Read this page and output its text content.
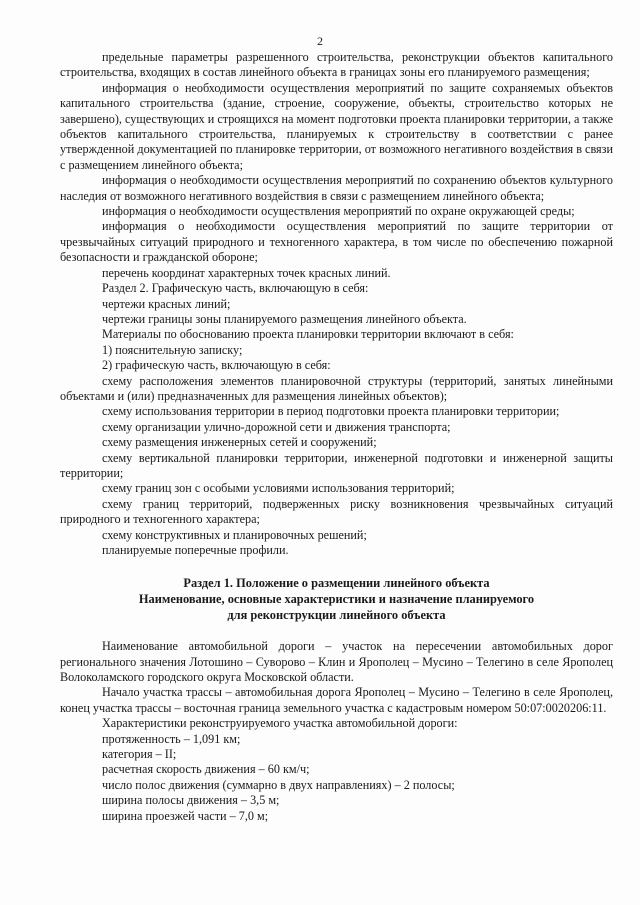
2

предельные параметры разрешенного строительства, реконструкции объектов капитального строительства, входящих в состав линейного объекта в границах зоны его планируемого размещения;

информация о необходимости осуществления мероприятий по защите сохраняемых объектов капитального строительства (здание, строение, сооружение, объекты, строительство которых не завершено), существующих и строящихся на момент подготовки проекта планировки территории, а также объектов капитального строительства, планируемых к строительству в соответствии с ранее утвержденной документацией по планировке территории, от возможного негативного воздействия в связи с размещением линейного объекта;

информация о необходимости осуществления мероприятий по сохранению объектов культурного наследия от возможного негативного воздействия в связи с размещением линейного объекта;

информация о необходимости осуществления мероприятий по охране окружающей среды;

информация о необходимости осуществления мероприятий по защите территории от чрезвычайных ситуаций природного и техногенного характера, в том числе по обеспечению пожарной безопасности и гражданской обороне;

перечень координат характерных точек красных линий.

Раздел 2. Графическую часть, включающую в себя:

чертежи красных линий;

чертежи границы зоны планируемого размещения линейного объекта.

Материалы по обоснованию проекта планировки территории включают в себя:

1) пояснительную записку;

2) графическую часть, включающую в себя:

схему расположения элементов планировочной структуры (территорий, занятых линейными объектами и (или) предназначенных для размещения линейных объектов);

схему использования территории в период подготовки проекта планировки территории;

схему организации улично-дорожной сети и движения транспорта;

схему размещения инженерных сетей и сооружений;

схему вертикальной планировки территории, инженерной подготовки и инженерной защиты территории;

схему границ зон с особыми условиями использования территорий;

схему границ территорий, подверженных риску возникновения чрезвычайных ситуаций природного и техногенного характера;

схему конструктивных и планировочных решений;

планируемые поперечные профили.

Раздел 1. Положение о размещении линейного объекта
Наименование, основные характеристики и назначение планируемого
для реконструкции линейного объекта

Наименование автомобильной дороги – участок на пересечении автомобильных дорог регионального значения Лотошино – Суворово – Клин и Ярополец – Мусино – Телегино в селе Ярополец Волоколамского городского округа Московской области.

Начало участка трассы – автомобильная дорога Ярополец – Мусино – Телегино в селе Ярополец, конец участка трассы – восточная граница земельного участка с кадастровым номером 50:07:0020206:11.

Характеристики реконструируемого участка автомобильной дороги:

протяженность – 1,091 км;

категория – II;

расчетная скорость движения – 60 км/ч;

число полос движения (суммарно в двух направлениях) – 2 полосы;

ширина полосы движения – 3,5 м;

ширина проезжей части – 7,0 м;
